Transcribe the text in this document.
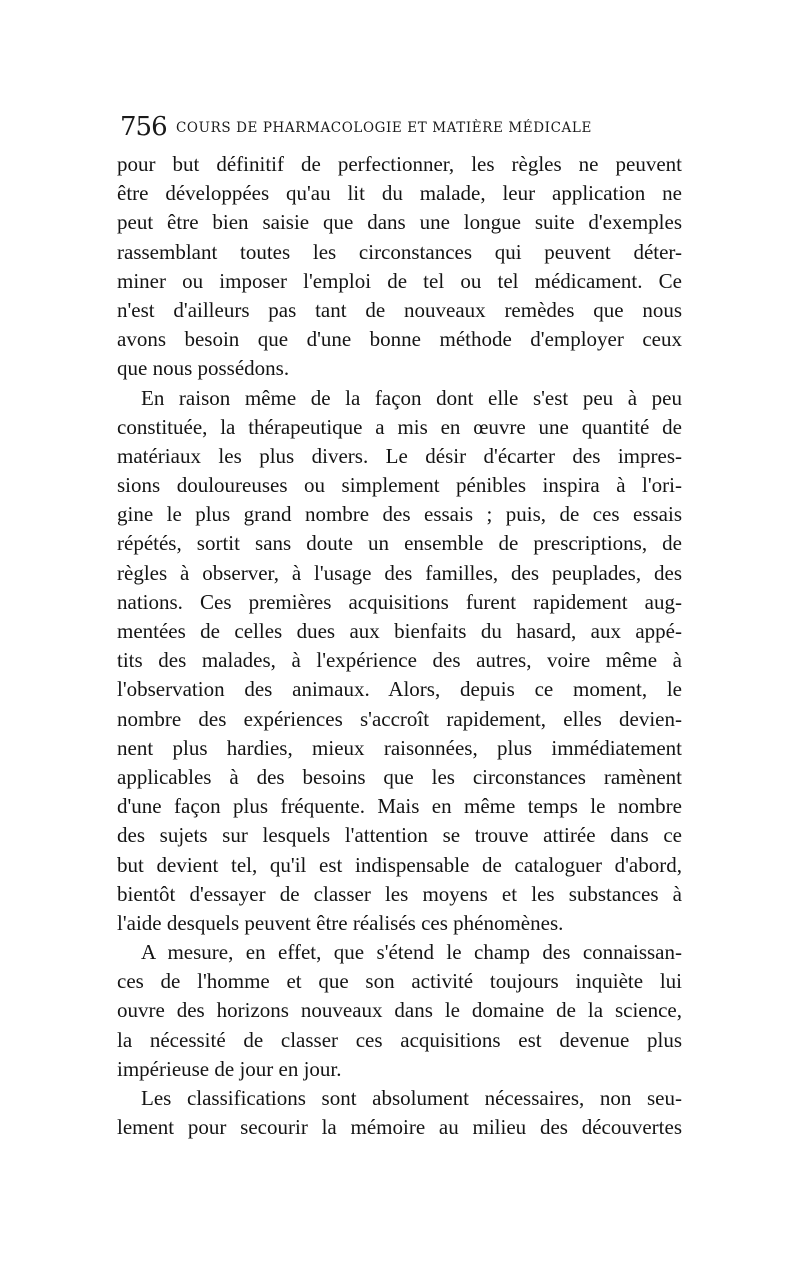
756 COURS DE PHARMACOLOGIE ET MATIÈRE MÉDICALE
pour but définitif de perfectionner, les règles ne peuvent
être développées qu'au lit du malade, leur application ne
peut être bien saisie que dans une longue suite d'exemples
rassemblant toutes les circonstances qui peuvent déter-
miner ou imposer l'emploi de tel ou tel médicament. Ce
n'est d'ailleurs pas tant de nouveaux remèdes que nous
avons besoin que d'une bonne méthode d'employer ceux
que nous possédons.
En raison même de la façon dont elle s'est peu à peu
constituée, la thérapeutique a mis en œuvre une quantité de
matériaux les plus divers. Le désir d'écarter des impres-
sions douloureuses ou simplement pénibles inspira à l'ori-
gine le plus grand nombre des essais ; puis, de ces essais
répétés, sortit sans doute un ensemble de prescriptions, de
règles à observer, à l'usage des familles, des peuplades, des
nations. Ces premières acquisitions furent rapidement aug-
mentées de celles dues aux bienfaits du hasard, aux appé-
tits des malades, à l'expérience des autres, voire même à
l'observation des animaux. Alors, depuis ce moment, le
nombre des expériences s'accroît rapidement, elles devien-
nent plus hardies, mieux raisonnées, plus immédiatement
applicables à des besoins que les circonstances ramènent
d'une façon plus fréquente. Mais en même temps le nombre
des sujets sur lesquels l'attention se trouve attirée dans ce
but devient tel, qu'il est indispensable de cataloguer d'abord,
bientôt d'essayer de classer les moyens et les substances à
l'aide desquels peuvent être réalisés ces phénomènes.
A mesure, en effet, que s'étend le champ des connaissan-
ces de l'homme et que son activité toujours inquiète lui
ouvre des horizons nouveaux dans le domaine de la science,
la nécessité de classer ces acquisitions est devenue plus
impérieuse de jour en jour.
Les classifications sont absolument nécessaires, non seu-
lement pour secourir la mémoire au milieu des découvertes
